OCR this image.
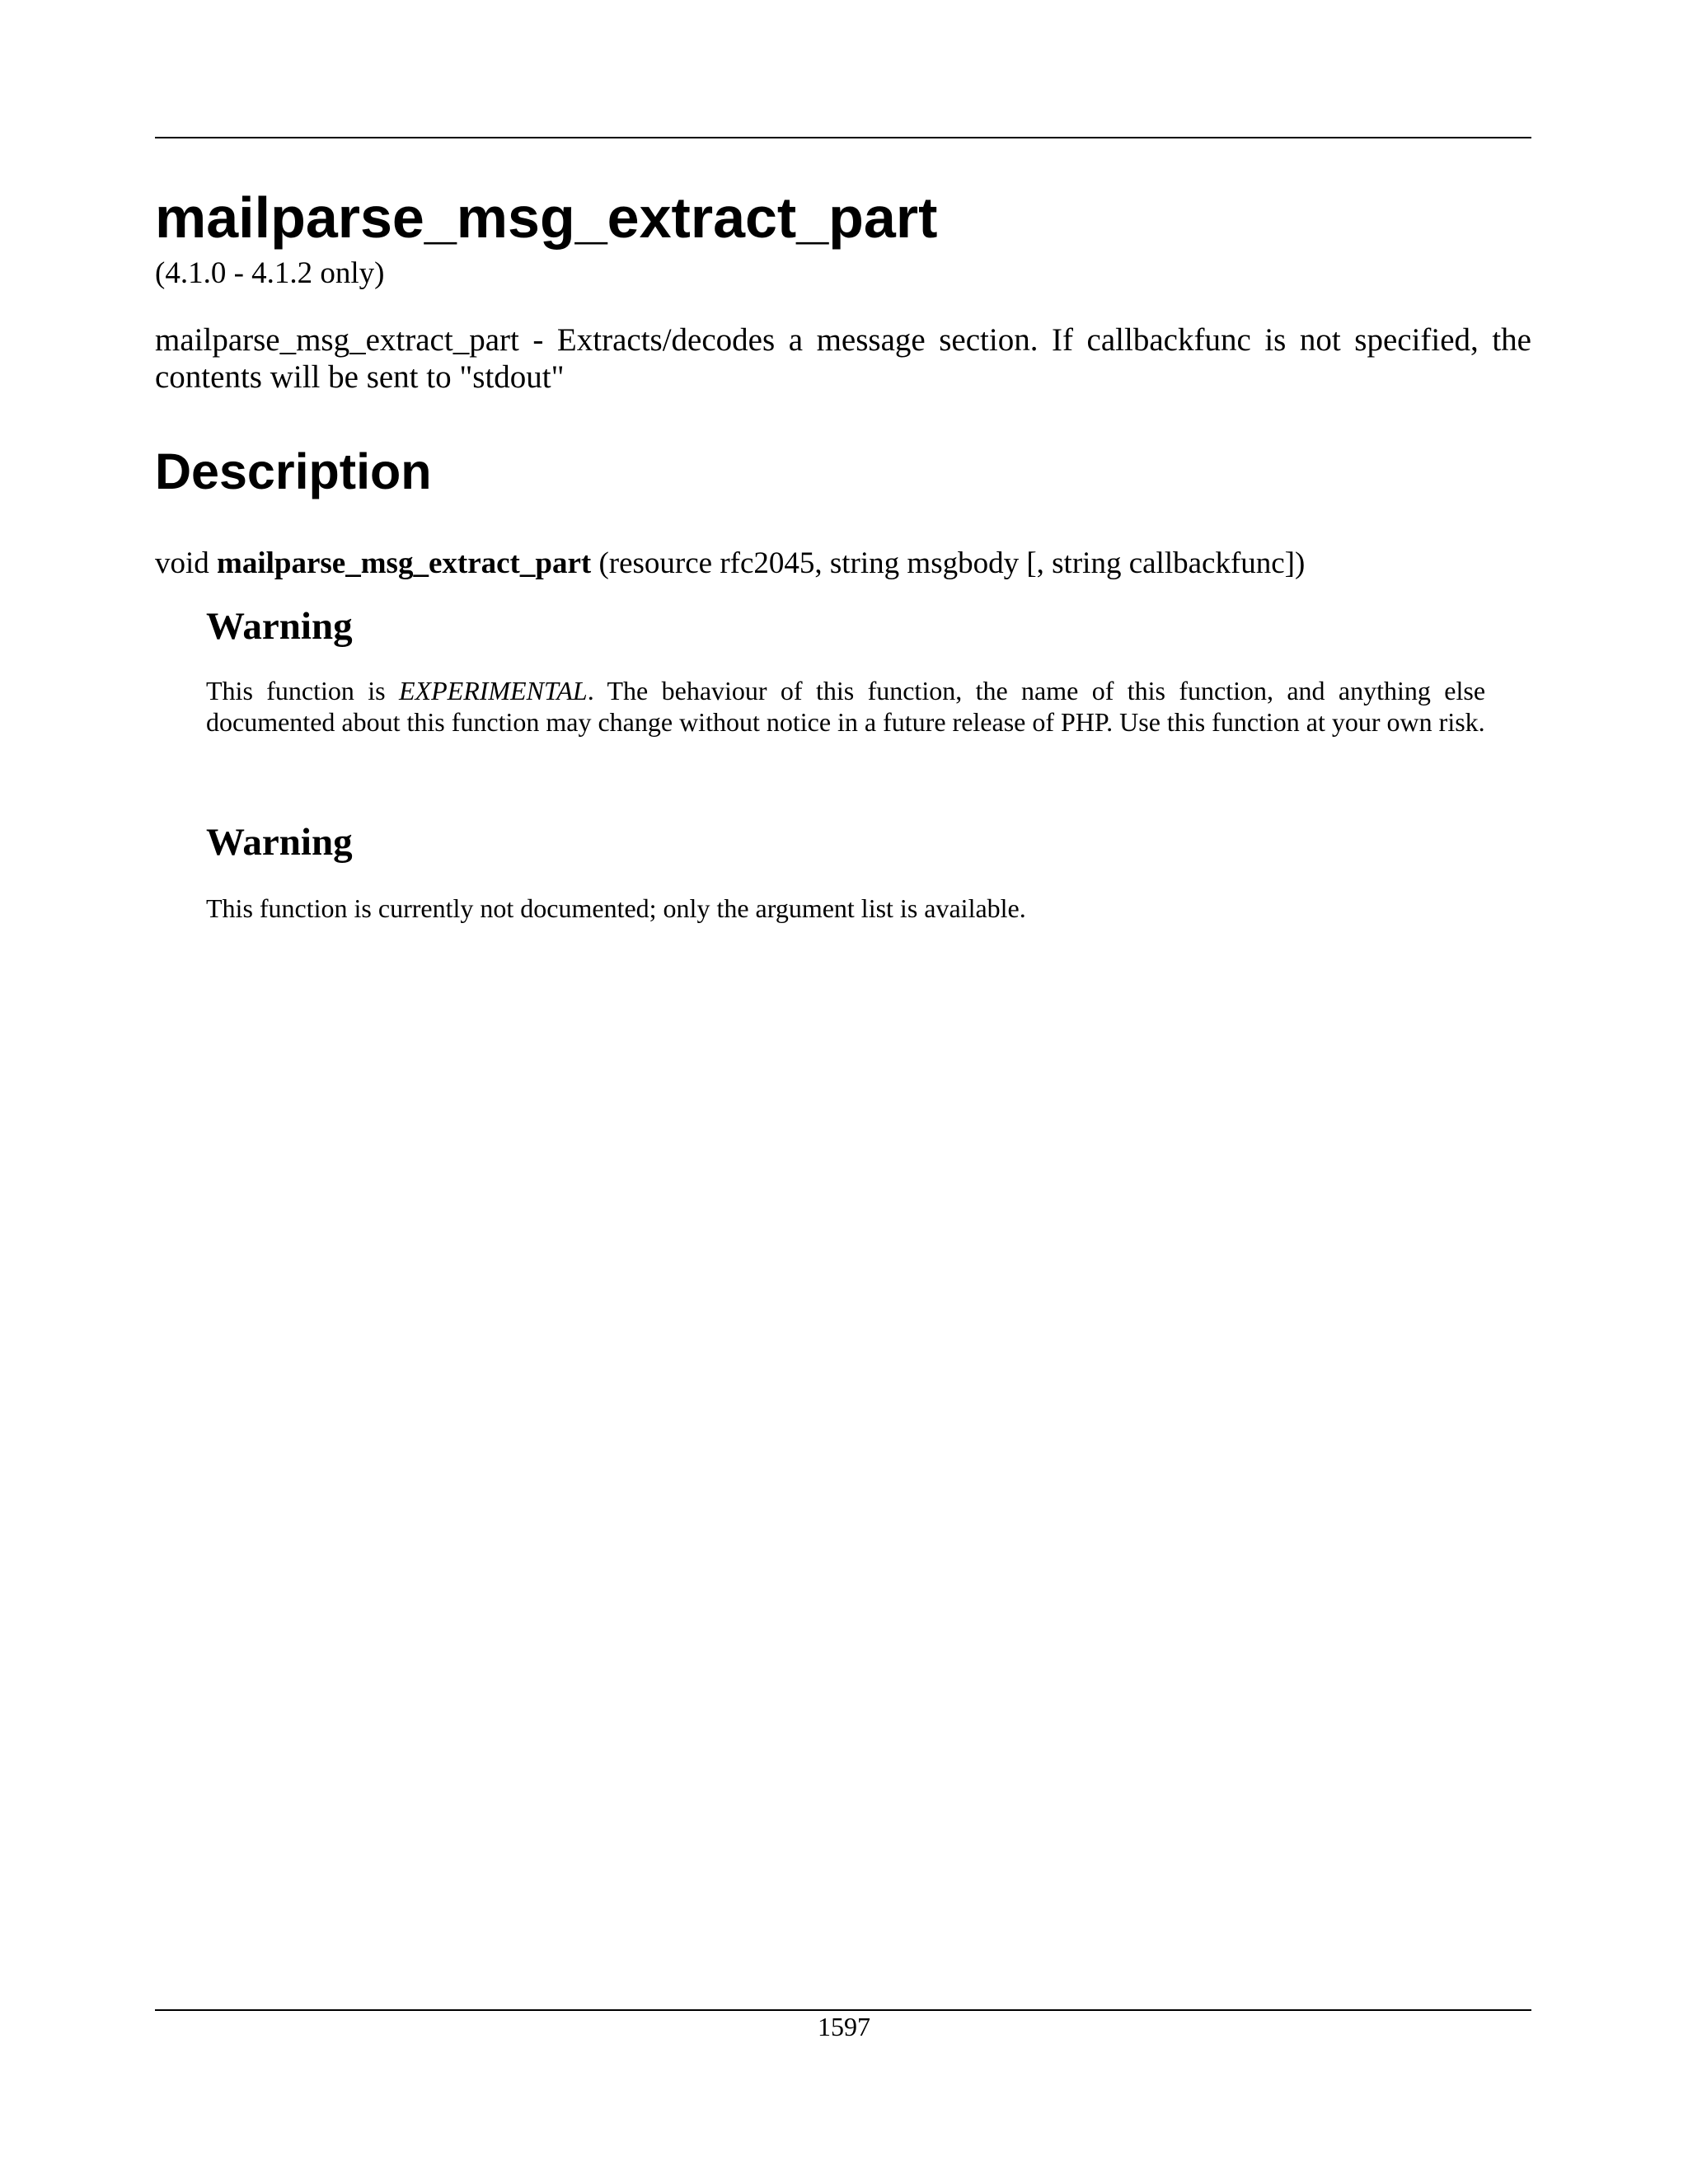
mailparse_msg_extract_part
(4.1.0 - 4.1.2 only)

mailparse_msg_extract_part - Extracts/decodes a message section. If callbackfunc is not specified, the contents will be sent to "stdout"

Description

void mailparse_msg_extract_part (resource rfc2045, string msgbody [, string callbackfunc])

Warning

This function is EXPERIMENTAL. The behaviour of this function, the name of this function, and anything else documented about this function may change without notice in a future release of PHP. Use this function at your own risk.

Warning

This function is currently not documented; only the argument list is available.

1597
